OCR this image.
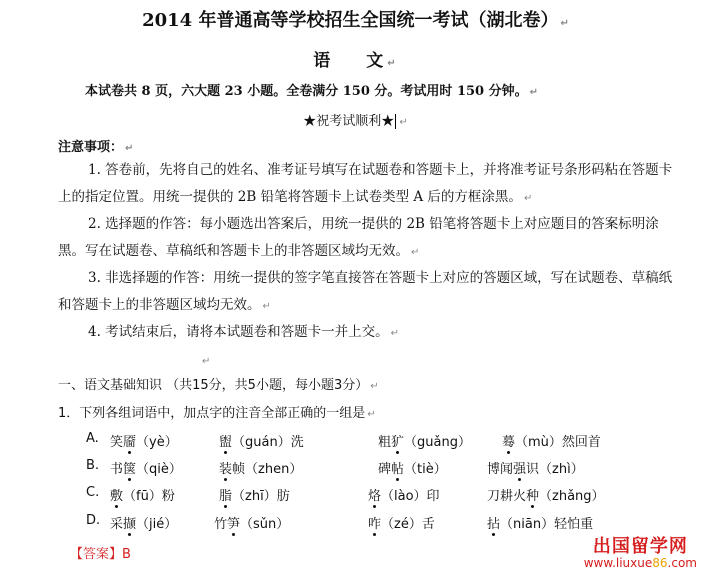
2014 年普通高等学校招生全国统一考试（湖北卷） ↵
语 文 ↵
本试卷共 8 页，六大题 23 小题。全卷满分 150 分。考试用时 150 分钟。 ↵
★祝考试顺利★ ↵
注意事项： ↵
1. 答卷前，先将自己的姓名、准考证号填写在试题卷和答题卡上，并将准考证号条形码粘在答题卡上的指定位置。用统一提供的 2B 铅笔将答题卡上试卷类型 A 后的方框涂黑。 ↵
2. 选择题的作答：每小题选出答案后，用统一提供的 2B 铅笔将答题卡上对应题目的答案标明涂黑。写在试题卷、草稿纸和答题卡上的非答题区域均无效。 ↵
3. 非选择题的作答：用统一提供的签字笔直接答在答题卡上对应的答题区域，写在试题卷、草稿纸和答题卡上的非答题区域均无效。 ↵
4. 考试结束后，请将本试题卷和答题卡一并上交。 ↵
↵
一、语文基础知识 （共15分，共5小题，每小题3分） ↵
1．下列各组词语中，加点字的注音全部正确的一组是 ↵
A. 笑靥（yè）	盥（guán）洗	粗犷（guǎng） 蓦（mù）然回首
B. 书箧（qiè）	装帧（zhen）	碑帖（tiè）	博闻强识（zhì）
C. 敷（fū）粉	脂（zhī）肪	烙（lào）印	刀耕火种（zhǎng）
D. 采撷（jié）	竹笋（sǔn）	咋（zé）舌	拈（niān）轻怕重
【答案】B	出国留学网
www.liuxue86.com
